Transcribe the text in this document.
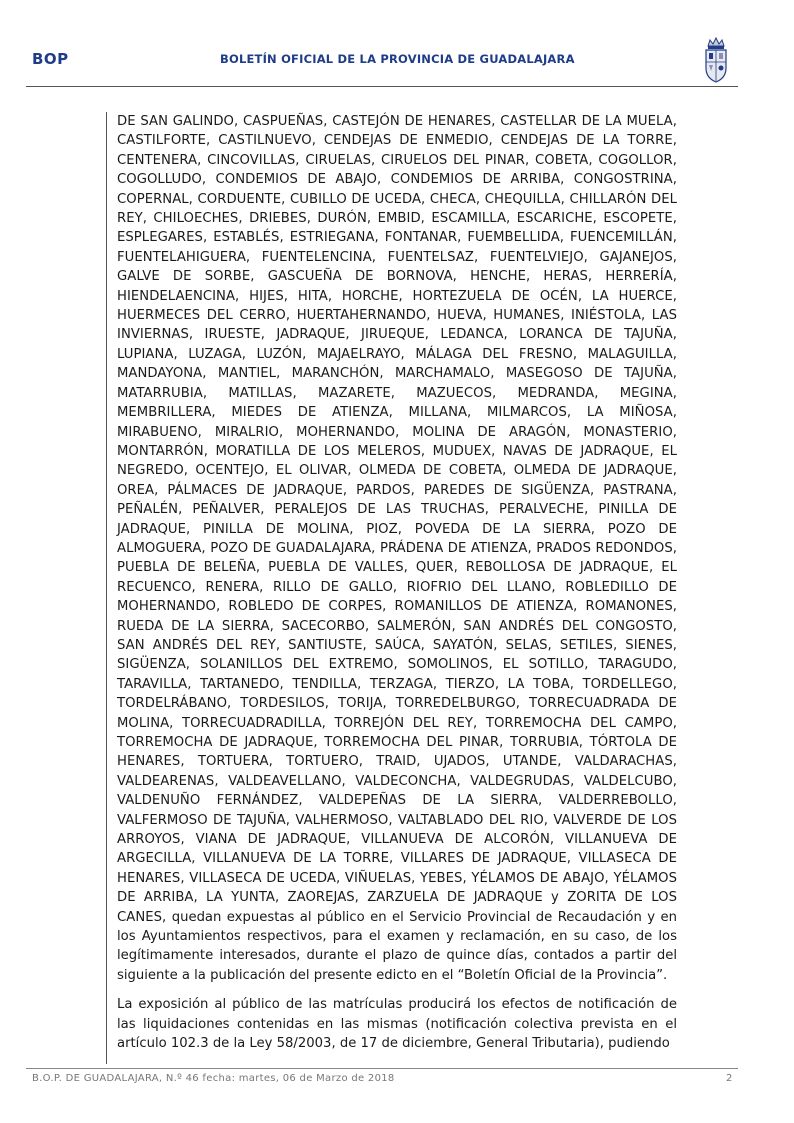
BOP	BOLETÍN OFICIAL DE LA PROVINCIA DE GUADALAJARA

DE SAN GALINDO, CASPUEÑAS, CASTEJÓN DE HENARES, CASTELLAR DE LA MUELA, CASTILFORTE, CASTILNUEVO, CENDEJAS DE ENMEDIO, CENDEJAS DE LA TORRE, CENTENERA, CINCOVILLAS, CIRUELAS, CIRUELOS DEL PINAR, COBETA, COGOLLOR, COGOLLUDO, CONDEMIOS DE ABAJO, CONDEMIOS DE ARRIBA, CONGOSTRINA, COPERNAL, CORDUENTE, CUBILLO DE UCEDA, CHECA, CHEQUILLA, CHILLARÓN DEL REY, CHILOECHES, DRIEBES, DURÓN, EMBID, ESCAMILLA, ESCARICHE, ESCOPETE, ESPLEGARES, ESTABLÉS, ESTRIEGANA, FONTANAR, FUEMBELLIDA, FUENCEMILLÁN, FUENTELAHIGUERA, FUENTELENCINA, FUENTELSAZ, FUENTELVIEJO, GAJANEJOS, GALVE DE SORBE, GASCUEÑA DE BORNOVA, HENCHE, HERAS, HERRERÍA, HIENDELAENCINA, HIJES, HITA, HORCHE, HORTEZUELA DE OCÉN, LA HUERCE, HUERMECES DEL CERRO, HUERTAHERNANDO, HUEVA, HUMANES, INIÉSTOLA, LAS INVIERNAS, IRUESTE, JADRAQUE, JIRUEQUE, LEDANCA, LORANCA DE TAJUÑA, LUPIANA, LUZAGA, LUZÓN, MAJAELRAYO, MÁLAGA DEL FRESNO, MALAGUILLA, MANDAYONA, MANTIEL, MARANCHÓN, MARCHAMALO, MASEGOSO DE TAJUÑA, MATARRUBIA, MATILLAS, MAZARETE, MAZUECOS, MEDRANDA, MEGINA, MEMBRILLERA, MIEDES DE ATIENZA, MILLANA, MILMARCOS, LA MIÑOSA, MIRABUENO, MIRALRIO, MOHERNANDO, MOLINA DE ARAGÓN, MONASTERIO, MONTARRÓN, MORATILLA DE LOS MELEROS, MUDUEX, NAVAS DE JADRAQUE, EL NEGREDO, OCENTEJO, EL OLIVAR, OLMEDA DE COBETA, OLMEDA DE JADRAQUE, OREA, PÁLMACES DE JADRAQUE, PARDOS, PAREDES DE SIGÜENZA, PASTRANA, PEÑALÉN, PEÑALVER, PERALEJOS DE LAS TRUCHAS, PERALVECHE, PINILLA DE JADRAQUE, PINILLA DE MOLINA, PIOZ, POVEDA DE LA SIERRA, POZO DE ALMOGUERA, POZO DE GUADALAJARA, PRÁDENA DE ATIENZA, PRADOS REDONDOS, PUEBLA DE BELEÑA, PUEBLA DE VALLES, QUER, REBOLLOSA DE JADRAQUE, EL RECUENCO, RENERA, RILLO DE GALLO, RIOFRIO DEL LLANO, ROBLEDILLO DE MOHERNANDO, ROBLEDO DE CORPES, ROMANILLOS DE ATIENZA, ROMANONES, RUEDA DE LA SIERRA, SACECORBO, SALMERÓN, SAN ANDRÉS DEL CONGOSTO, SAN ANDRÉS DEL REY, SANTIUSTE, SAÚCA, SAYATÓN, SELAS, SETILES, SIENES, SIGÜENZA, SOLANILLOS DEL EXTREMO, SOMOLINOS, EL SOTILLO, TARAGUDO, TARAVILLA, TARTANEDO, TENDILLA, TERZAGA, TIERZO, LA TOBA, TORDELLEGO, TORDELRÁBANO, TORDESILOS, TORIJA, TORREDELBURGO, TORRECUADRADA DE MOLINA, TORRECUADRADILLA, TORREJÓN DEL REY, TORREMOCHA DEL CAMPO, TORREMOCHA DE JADRAQUE, TORREMOCHA DEL PINAR, TORRUBIA, TÓRTOLA DE HENARES, TORTUERA, TORTUERO, TRAID, UJADOS, UTANDE, VALDARACHAS, VALDEARENAS, VALDEAVELLANO, VALDECONCHA, VALDEGRUDAS, VALDELCUBO, VALDENUÑO FERNÁNDEZ, VALDEPEÑAS DE LA SIERRA, VALDERREBOLLO, VALFERMOSO DE TAJUÑA, VALHERMOSO, VALTABLADO DEL RIO, VALVERDE DE LOS ARROYOS, VIANA DE JADRAQUE, VILLANUEVA DE ALCORÓN, VILLANUEVA DE ARGECILLA, VILLANUEVA DE LA TORRE, VILLARES DE JADRAQUE, VILLASECA DE HENARES, VILLASECA DE UCEDA, VIÑUELAS, YEBES, YÉLAMOS DE ABAJO, YÉLAMOS DE ARRIBA, LA YUNTA, ZAOREJAS, ZARZUELA DE JADRAQUE y ZORITA DE LOS CANES, quedan expuestas al público en el Servicio Provincial de Recaudación y en los Ayuntamientos respectivos, para el examen y reclamación, en su caso, de los legítimamente interesados, durante el plazo de quince días, contados a partir del siguiente a la publicación del presente edicto en el “Boletín Oficial de la Provincia”.

La exposición al público de las matrículas producirá los efectos de notificación de las liquidaciones contenidas en las mismas (notificación colectiva prevista en el artículo 102.3 de la Ley 58/2003, de 17 de diciembre, General Tributaria), pudiendo

B.O.P. DE GUADALAJARA, N.º 46 fecha: martes, 06 de Marzo de 2018	2
